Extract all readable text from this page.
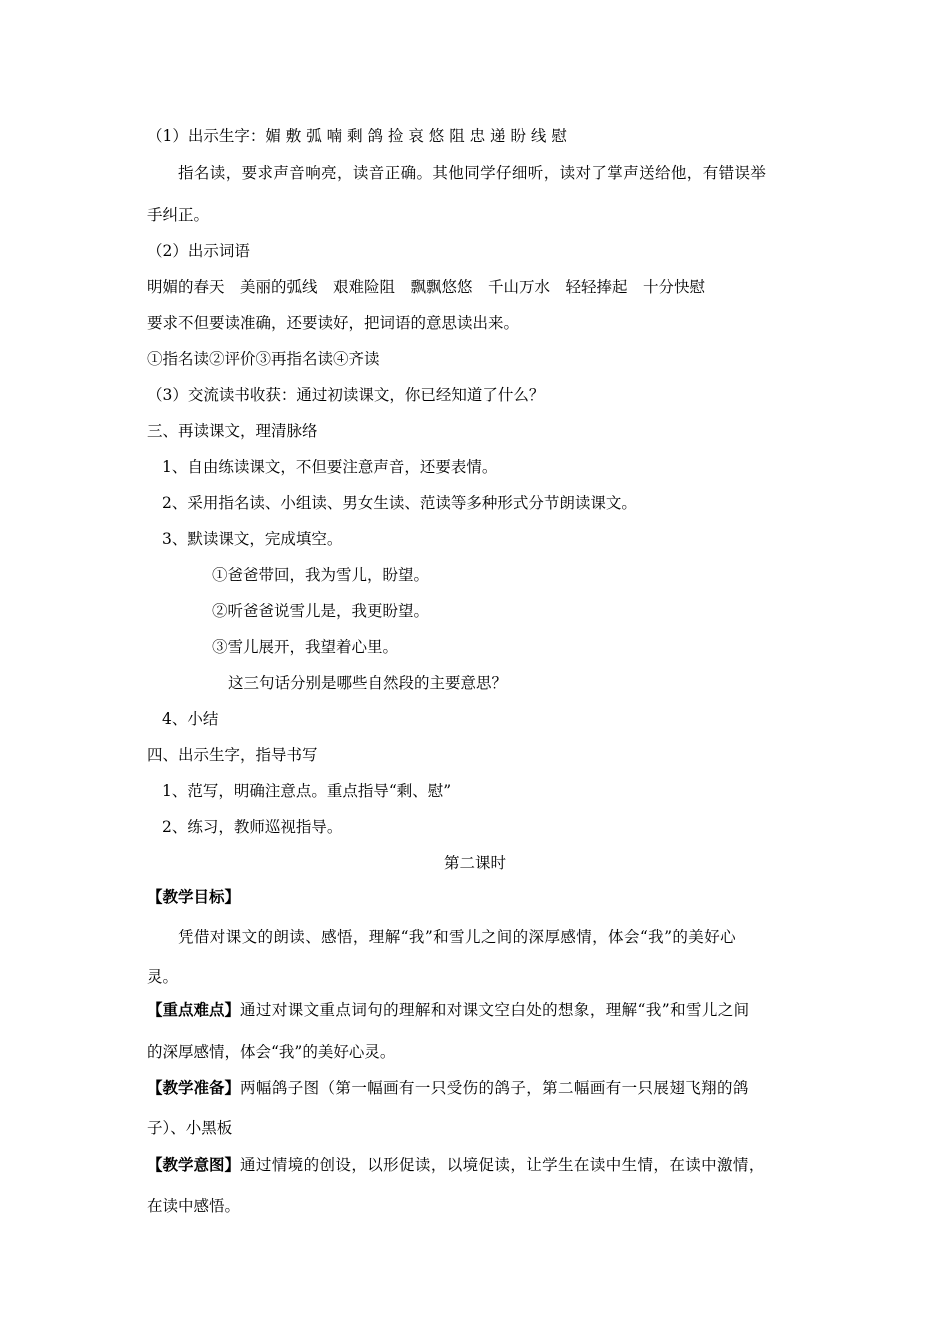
（1）出示生字：媚 敷 弧 喃 剩 鸽 捡 哀 悠 阻 忠 递 盼 线 慰

指名读，要求声音响亮，读音正确。其他同学仔细听，读对了掌声送给他，有错误举

手纠正。

（2）出示词语

明媚的春天　美丽的弧线　艰难险阻　飘飘悠悠　千山万水　轻轻捧起　十分快慰

要求不但要读准确，还要读好，把词语的意思读出来。

①指名读②评价③再指名读④齐读

（3）交流读书收获：通过初读课文，你已经知道了什么？

三、再读课文，理清脉络

1、自由练读课文，不但要注意声音，还要表情。

2、采用指名读、小组读、男女生读、范读等多种形式分节朗读课文。

3、默读课文，完成填空。

①爸爸带回，我为雪儿，盼望。

②听爸爸说雪儿是，我更盼望。

③雪儿展开，我望着心里。

这三句话分别是哪些自然段的主要意思？

4、小结

四、出示生字，指导书写

1、范写，明确注意点。重点指导“剩、慰”

2、练习，教师巡视指导。

第二课时

【教学目标】

凭借对课文的朗读、感悟，理解“我”和雪儿之间的深厚感情，体会“我”的美好心

灵。

【重点难点】通过对课文重点词句的理解和对课文空白处的想象，理解“我”和雪儿之间

的深厚感情，体会“我”的美好心灵。

【教学准备】两幅鸽子图（第一幅画有一只受伤的鸽子，第二幅画有一只展翅飞翔的鸽

子）、小黑板

【教学意图】通过情境的创设，以形促读，以境促读，让学生在读中生情，在读中激情，

在读中感悟。
